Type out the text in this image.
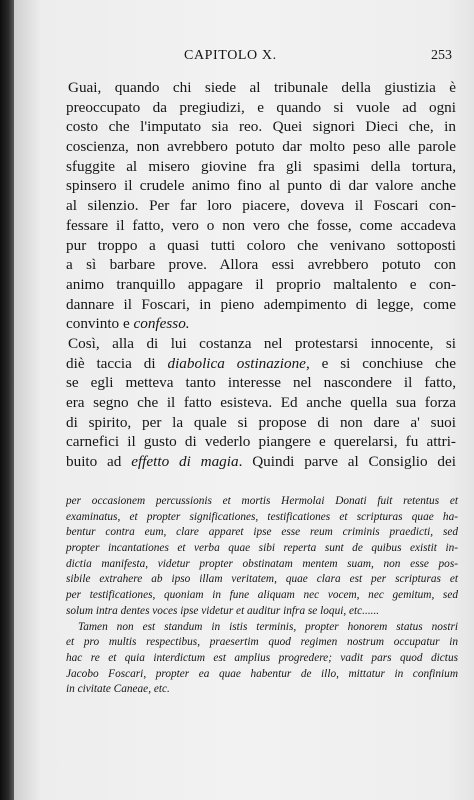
CAPITOLO X.	253
Guai, quando chi siede al tribunale della giustizia è
preoccupato da pregiudizi, e quando si vuole ad ogni
costo che l'imputato sia reo. Quei signori Dieci che, in
coscienza, non avrebbero potuto dar molto peso alle parole
sfuggite al misero giovine fra gli spasimi della tortura,
spinsero il crudele animo fino al punto di dar valore anche
al silenzio. Per far loro piacere, doveva il Foscari con-
fessare il fatto, vero o non vero che fosse, come accadeva
pur troppo a quasi tutti coloro che venivano sottoposti
a sì barbare prove. Allora essi avrebbero potuto con
animo tranquillo appagare il proprio maltalento e con-
dannare il Foscari, in pieno adempimento di legge, come
convinto e confesso.
Così, alla di lui costanza nel protestarsi innocente, si
diè taccia di diabolica ostinazione, e si conchiuse che
se egli metteva tanto interesse nel nascondere il fatto,
era segno che il fatto esisteva. Ed anche quella sua forza
di spirito, per la quale si propose di non dare a' suoi
carnefici il gusto di vederlo piangere e querelarsi, fu attri-
buito ad effetto di magia. Quindi parve al Consiglio dei
per occasionem percussionis et mortis Hermolai Donati fuit retentus et
examinatus, et propter significationes, testificationes et scripturas quae ha-
bentur contra eum, clare apparet ipse esse reum criminis praedicti, sed
propter incantationes et verba quae sibi reperta sunt de quibus existit in-
dictia manifesta, videtur propter obstinatam mentem suam, non esse pos-
sibile extrahere ab ipso illam veritatem, quae clara est per scripturas et
per testificationes, quoniam in fune aliquam nec vocem, nec gemitum, sed
solum intra dentes voces ipse videtur et auditur infra se loqui, etc......
Tamen non est standum in istis terminis, propter honorem status nostri
et pro multis respectibus, praesertim quod regimen nostrum occupatur in
hac re et quia interdictum est amplius progredere; vadit pars quod dictus
Jacobo Foscari, propter ea quae habentur de illo, mittatur in confinium
in civitate Caneae, etc.
